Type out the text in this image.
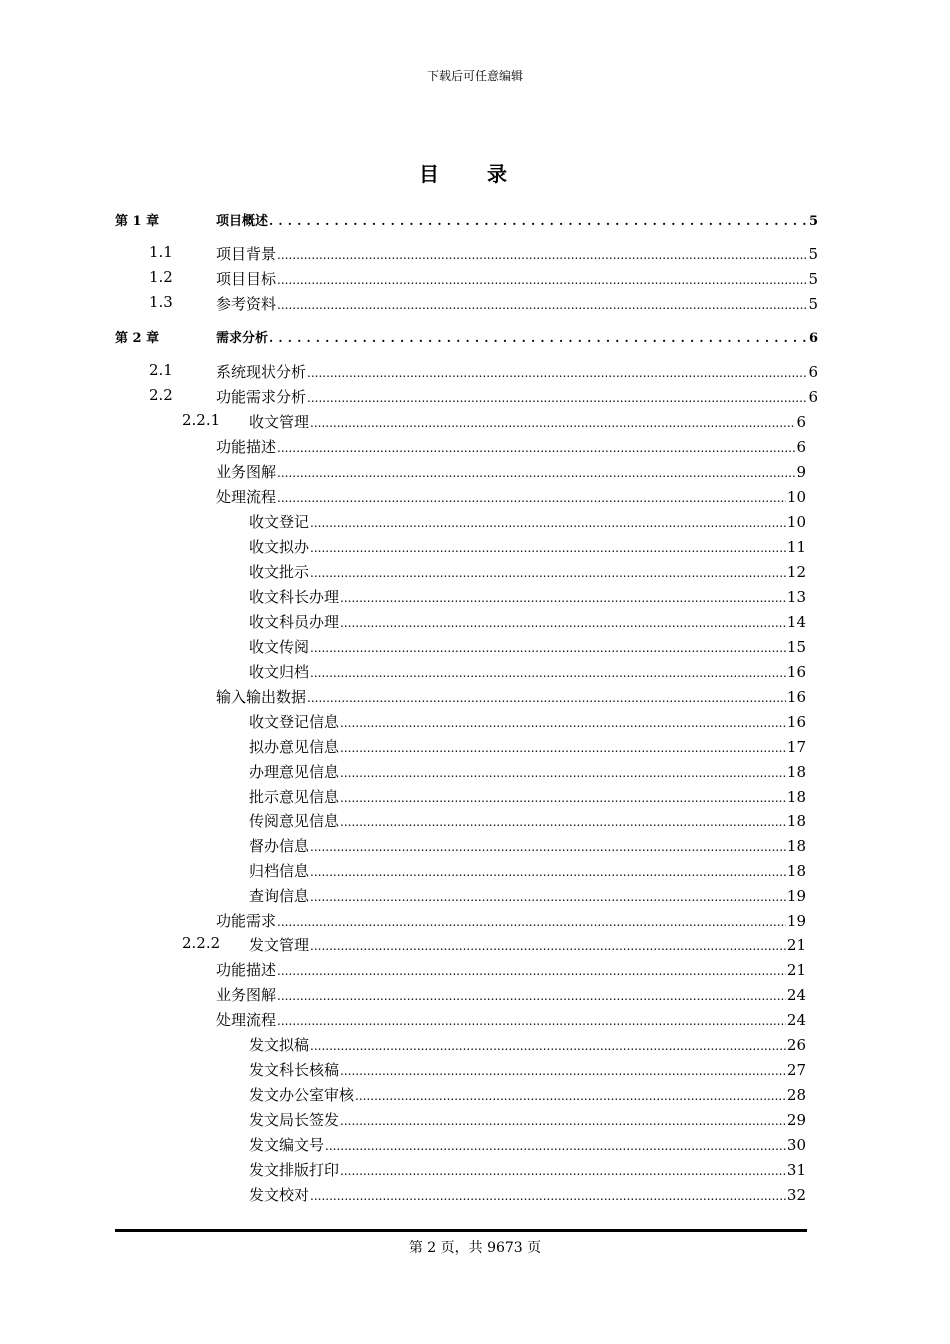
下载后可任意编辑
目录
第 1 章	项目概述 . . .	5
1.1	项目背景 .....	5
1.2	项目目标 .....	5
1.3	参考资料 .....	5
第 2 章	需求分析 . . .	6
2.1	系统现状分析 .....	6
2.2	功能需求分析 .....	6
2.2.1 收文管理 .....	6
功能描述 .....	6
业务图解 .....	9
处理流程 .....	10
收文登记 .....	10
收文拟办 .....	11
收文批示 .....	12
收文科长办理 .....	13
收文科员办理 .....	14
收文传阅 .....	15
收文归档 .....	16
输入输出数据 .....	16
收文登记信息 .....	16
拟办意见信息 .....	17
办理意见信息 .....	18
批示意见信息 .....	18
传阅意见信息 .....	18
督办信息 .....	18
归档信息 .....	18
查询信息 .....	19
功能需求 .....	19
2.2.2 发文管理 .....	21
功能描述 .....	21
业务图解 .....	24
处理流程 .....	24
发文拟稿 .....	26
发文科长核稿 .....	27
发文办公室审核 .....	28
发文局长签发 .....	29
发文编文号 .....	30
发文排版打印 .....	31
发文校对 .....	32
第 2 页，共 9673 页
